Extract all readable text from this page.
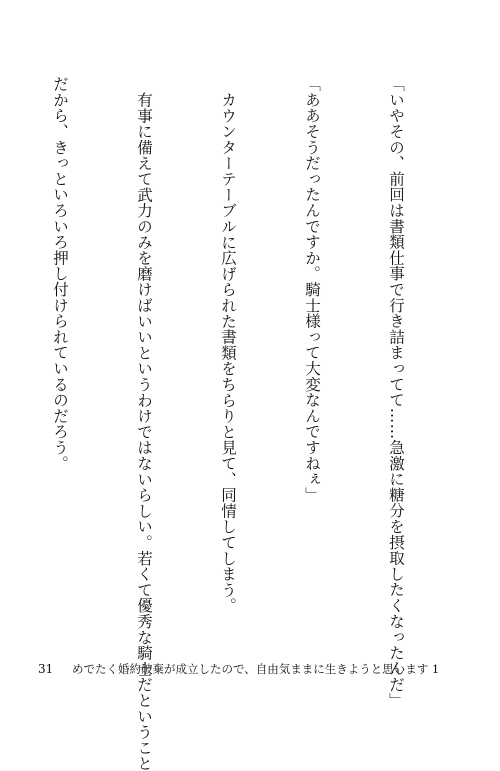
「いやその、前回は書類仕事で行き詰まってて……急激に糖分を摂取したくなったんだ」

「ああそうだったんですか。騎士様って大変なんですねぇ」

カウンターテーブルに広げられた書類をちらりと見て、同情してしまう。

有事に備えて武力のみを磨けばいいというわけではないらしい。若くて優秀な騎士だということ

だから、きっといろいろ押し付けられているのだろう。

31 めでたく婚約破棄が成立したので、自由気ままに生きようと思います 1
